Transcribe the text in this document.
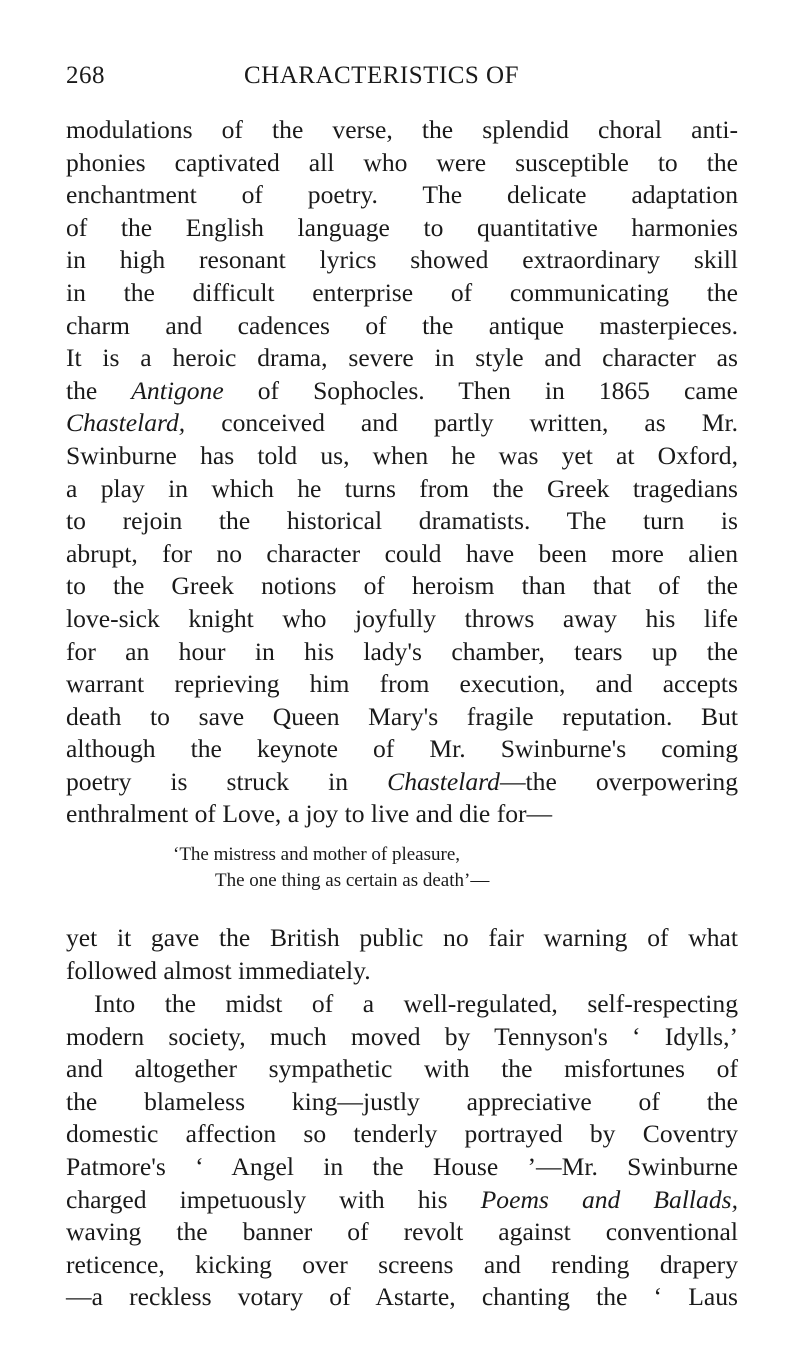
268	CHARACTERISTICS OF
modulations of the verse, the splendid choral anti-
phonies captivated all who were susceptible to the
enchantment of poetry. The delicate adaptation
of the English language to quantitative harmonies
in high resonant lyrics showed extraordinary skill
in the difficult enterprise of communicating the
charm and cadences of the antique masterpieces.
It is a heroic drama, severe in style and character as
the Antigone of Sophocles. Then in 1865 came
Chastelard, conceived and partly written, as Mr.
Swinburne has told us, when he was yet at Oxford,
a play in which he turns from the Greek tragedians
to rejoin the historical dramatists. The turn is
abrupt, for no character could have been more alien
to the Greek notions of heroism than that of the
love-sick knight who joyfully throws away his life
for an hour in his lady's chamber, tears up the
warrant reprieving him from execution, and accepts
death to save Queen Mary's fragile reputation. But
although the keynote of Mr. Swinburne's coming
poetry is struck in Chastelard—the overpowering
enthralment of Love, a joy to live and die for—
‘The mistress and mother of pleasure,
The one thing as certain as death’—
yet it gave the British public no fair warning of what
followed almost immediately.
Into the midst of a well-regulated, self-respecting
modern society, much moved by Tennyson's ‘ Idylls,’
and altogether sympathetic with the misfortunes of
the blameless king—justly appreciative of the
domestic affection so tenderly portrayed by Coventry
Patmore's ‘ Angel in the House ’—Mr. Swinburne
charged impetuously with his Poems and Ballads,
waving the banner of revolt against conventional
reticence, kicking over screens and rending drapery
—a reckless votary of Astarte, chanting the ‘ Laus
